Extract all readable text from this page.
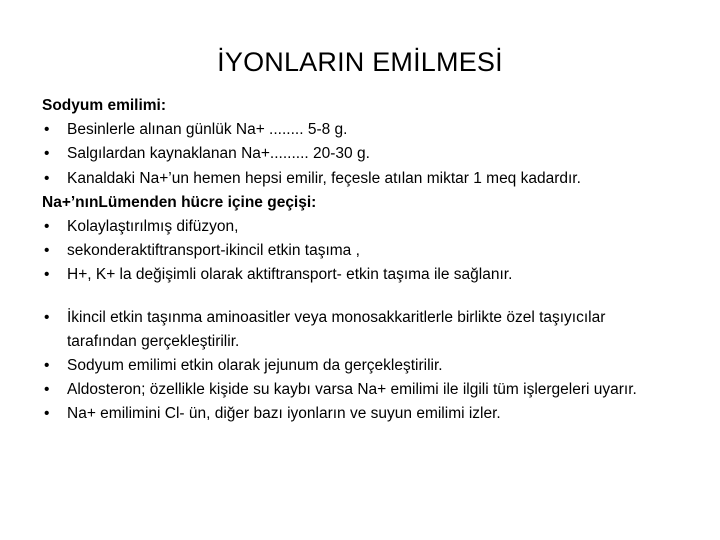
İYONLARIN EMİLMESİ
Sodyum emilimi:
• Besinlerle alınan günlük Na+ ........ 5-8 g.
• Salgılardan kaynaklanan Na+......... 20-30 g.
• Kanaldaki Na+’un hemen hepsi emilir, feçesle atılan miktar 1 meq kadardır.
Na+’nınLümenden hücre içine geçişi:
• Kolaylaştırılmış difüzyon,
• sekonderaktiftransport-ikincil etkin taşıma ,
• H+, K+ la değişimli olarak aktiftransport- etkin taşıma ile sağlanır.
• İkincil etkin taşınma aminoasitler veya monosakkaritlerle birlikte özel taşıyıcılar tarafından gerçekleştirilir.
• Sodyum emilimi etkin olarak jejunum da gerçekleştirilir.
• Aldosteron; özellikle kişide su kaybı varsa Na+ emilimi ile ilgili tüm işlergeleri uyarır.
• Na+ emilimini Cl- ün, diğer bazı iyonların ve suyun emilimi izler.
